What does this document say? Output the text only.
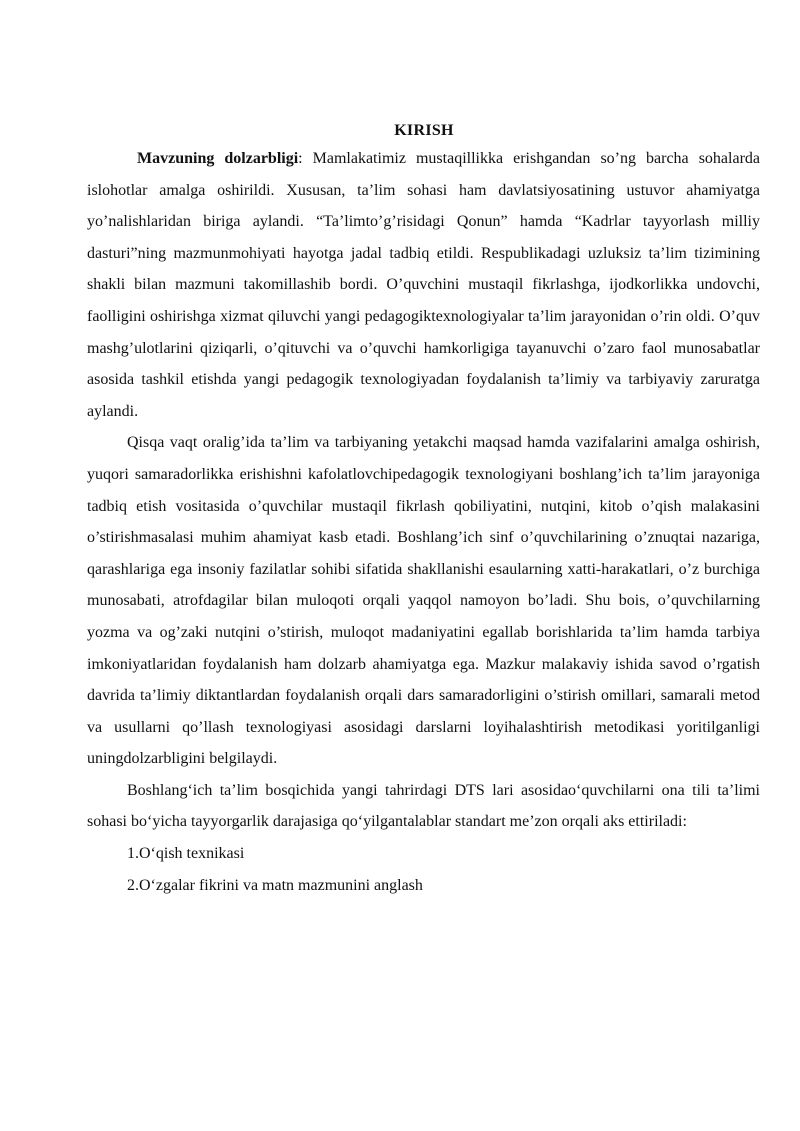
KIRISH

Mavzuning dolzarbligi: Mamlakatimiz mustaqillikka erishgandan so’ng barcha sohalarda islohotlar amalga oshirildi. Xususan, ta’lim sohasi ham davlatsiyosatining ustuvor ahamiyatga yo’nalishlaridan biriga aylandi. “Ta’limto’g’risidagi Qonun” hamda “Kadrlar tayyorlash milliy dasturi”ning mazmunmohiyati hayotga jadal tadbiq etildi. Respublikadagi uzluksiz ta’lim tizimining shakli bilan mazmuni takomillashib bordi. O’quvchini mustaqil fikrlashga, ijodkorlikka undovchi, faolligini oshirishga xizmat qiluvchi yangi pedagogiktexnologiyalar ta’lim jarayonidan o’rin oldi. O’quv mashg’ulotlarini qiziqarli, o’qituvchi va o’quvchi hamkorligiga tayanuvchi o’zaro faol munosabatlar asosida tashkil etishda yangi pedagogik texnologiyadan foydalanish ta’limiy va tarbiyaviy zaruratga aylandi.

Qisqa vaqt oralig’ida ta’lim va tarbiyaning yetakchi maqsad hamda vazifalarini amalga oshirish, yuqori samaradorlikka erishishni kafolatlovchipedagogik texnologiyani boshlang’ich ta’lim jarayoniga tadbiq etish vositasida o’quvchilar mustaqil fikrlash qobiliyatini, nutqini, kitob o’qish malakasini o’stirishmasalasi muhim ahamiyat kasb etadi. Boshlang’ich sinf o’quvchilarining o’znuqtai nazariga, qarashlariga ega insoniy fazilatlar sohibi sifatida shakllanishi esaularning xatti-harakatlari, o’z burchiga munosabati, atrofdagilar bilan muloqoti orqali yaqqol namoyon bo’ladi. Shu bois, o’quvchilarning yozma va og’zaki nutqini o’stirish, muloqot madaniyatini egallab borishlarida ta’lim hamda tarbiya imkoniyatlaridan foydalanish ham dolzarb ahamiyatga ega. Mazkur malakaviy ishida savod o’rgatish davrida ta’limiy diktantlardan foydalanish orqali dars samaradorligini o’stirish omillari, samarali metod va usullarni qo’llash texnologiyasi asosidagi darslarni loyihalashtirish metodikasi yoritilganligi uningdolzarbligini belgilaydi.

Boshlang‘ich ta’lim bosqichida yangi tahrirdagi DTS lari asosidao‘quvchilarni ona tili ta’limi sohasi bo‘yicha tayyorgarlik darajasiga qo‘yilgantalablar standart me’zon orqali aks ettiriladi:

1.O‘qish texnikasi

2.O‘zgalar fikrini va matn mazmunini anglash
